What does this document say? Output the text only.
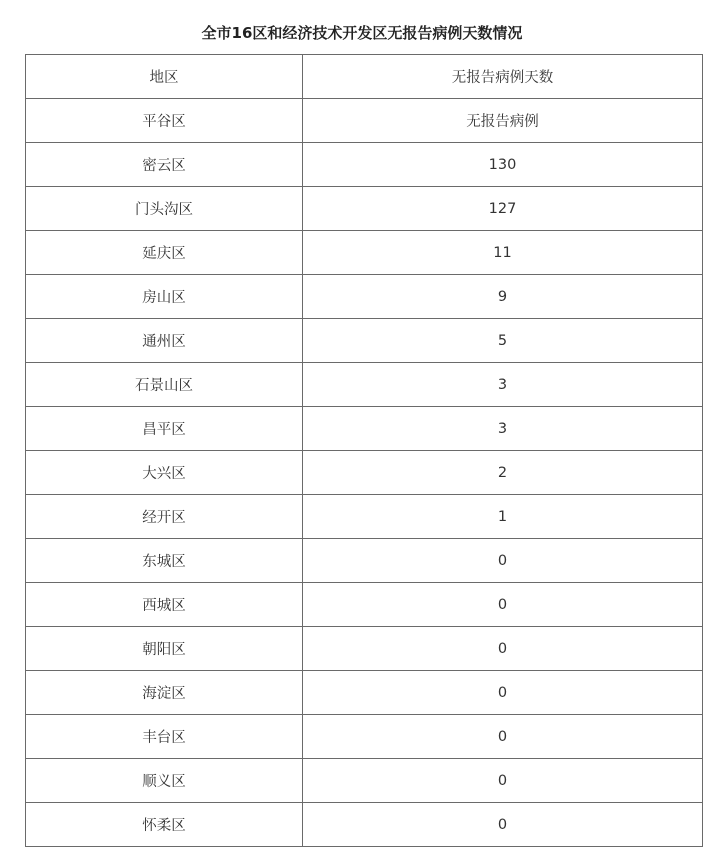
全市16区和经济技术开发区无报告病例天数情况
地区	无报告病例天数
平谷区	无报告病例
密云区	130
门头沟区	127
延庆区	11
房山区	9
通州区	5
石景山区	3
昌平区	3
大兴区	2
经开区	1
东城区	0
西城区	0
朝阳区	0
海淀区	0
丰台区	0
顺义区	0
怀柔区	0
